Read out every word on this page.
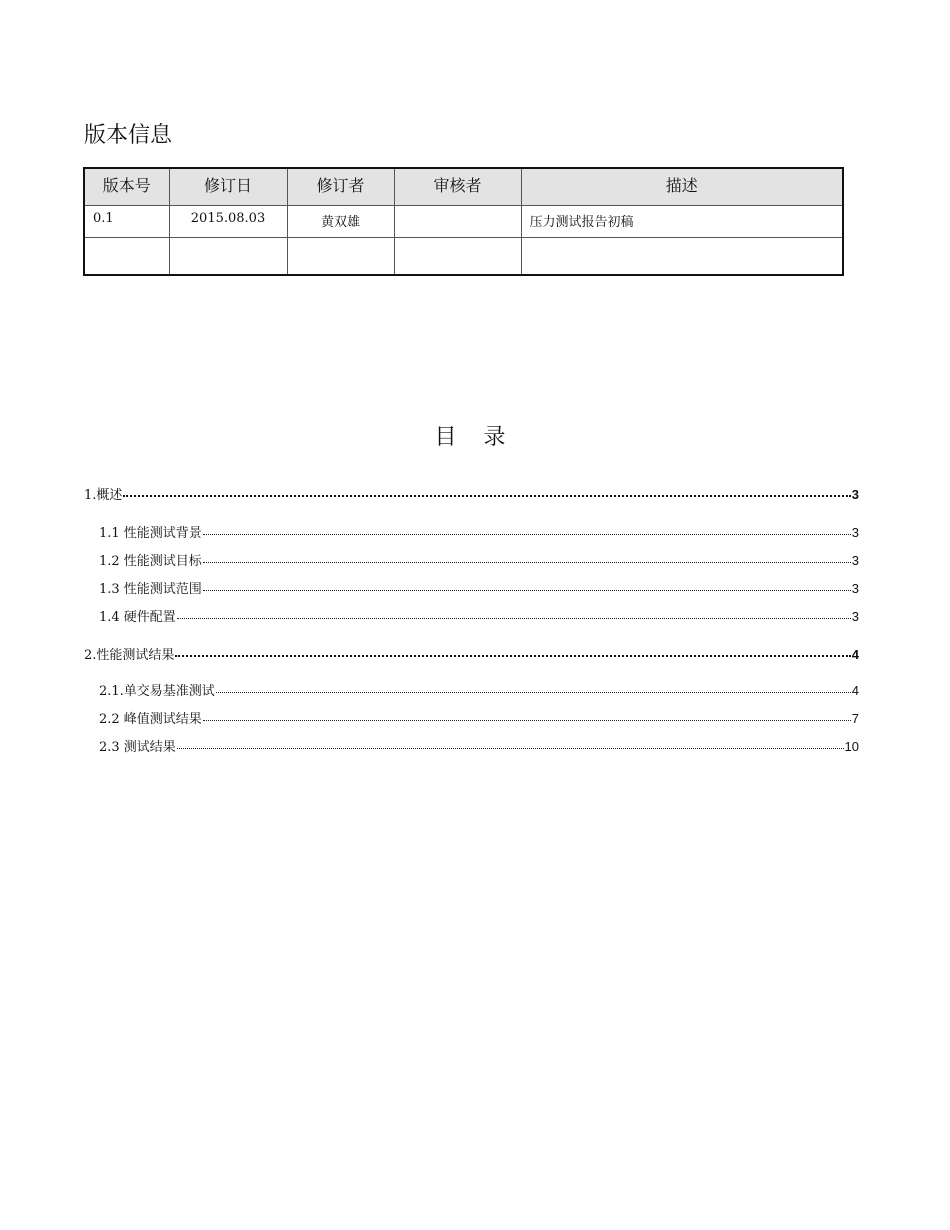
版本信息
版本号	修订日	修订者	审核者	描述
0.1	2015.08.03	黄双雄		压力测试报告初稿

目 录
1.概述	3
1.1 性能测试背景	3
1.2 性能测试目标	3
1.3 性能测试范围	3
1.4 硬件配置	3
2.性能测试结果	4
2.1.单交易基准测试	4
2.2 峰值测试结果	7
2.3 测试结果	10
